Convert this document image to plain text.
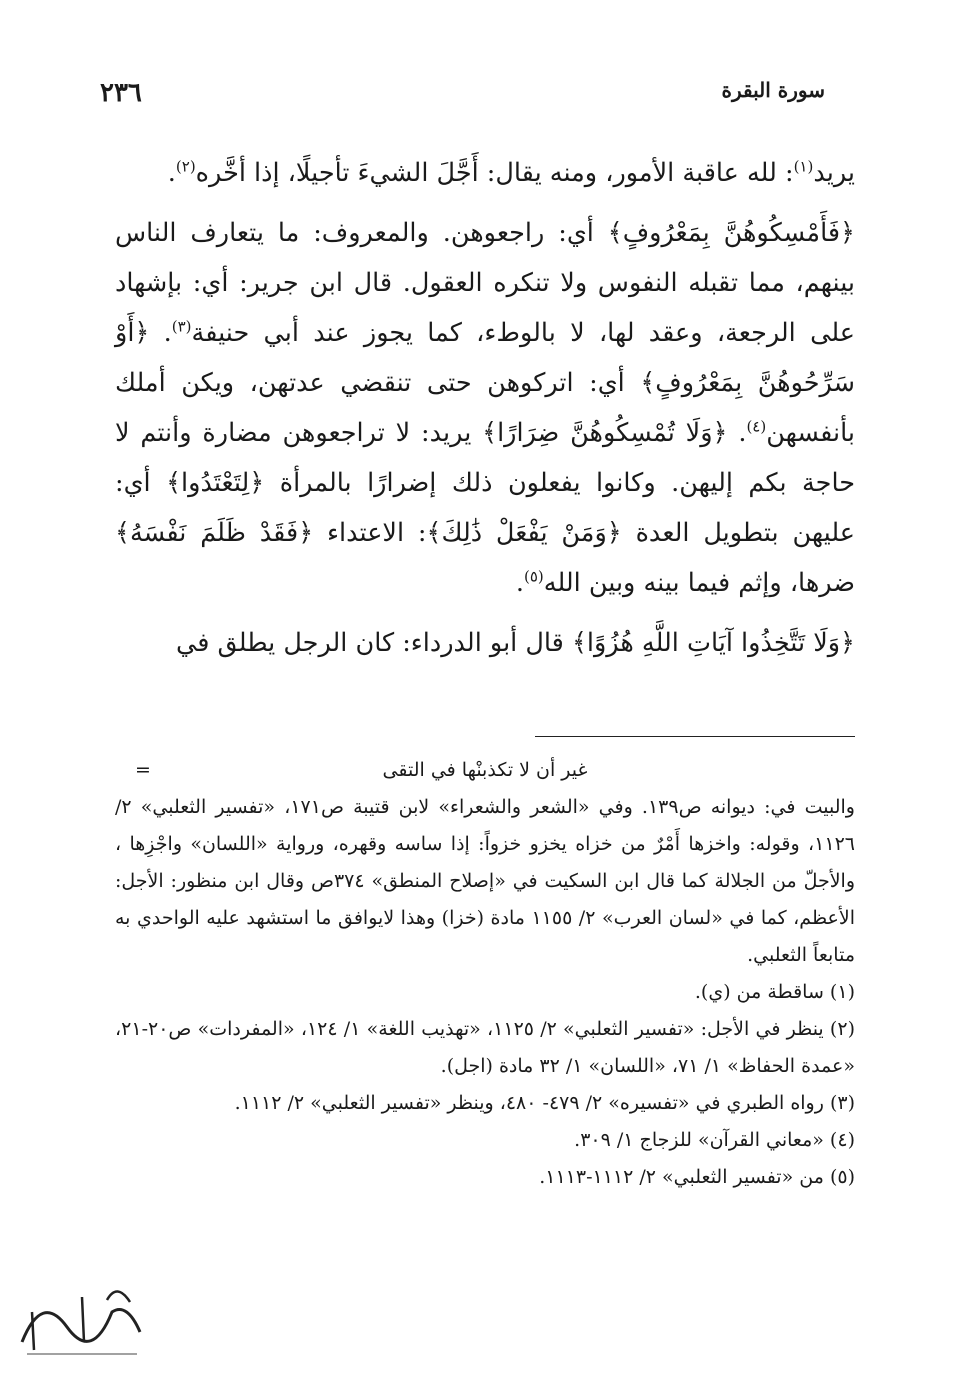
٢٣٦	سورة البقرة

يريد$^{(١)}$: لله عاقبة الأمور، ومنه يقال: أَجَّلَ الشيءَ تأجيلًا، إذا أخَّره$^{(٢)}$.

﴿فَأَمْسِكُوهُنَّ بِمَعْرُوفٍ﴾ أي: راجعوهن. والمعروف: ما يتعارف الناس بينهم، مما تقبله النفوس ولا تنكره العقول. قال ابن جرير: أي: بإشهاد على الرجعة، وعقد لها، لا بالوطء، كما يجوز عند أبي حنيفة$^{(٣)}$. ﴿أَوْ سَرِّحُوهُنَّ بِمَعْرُوفٍ﴾ أي: اتركوهن حتى تنقضي عدتهن، ويكن أملك بأنفسهن$^{(٤)}$. ﴿وَلَا تُمْسِكُوهُنَّ ضِرَارًا﴾ يريد: لا تراجعوهن مضارة وأنتم لا حاجة بكم إليهن. وكانوا يفعلون ذلك إضرارًا بالمرأة ﴿لِتَعْتَدُوا﴾ أي: عليهن بتطويل العدة ﴿وَمَنْ يَفْعَلْ ذَٰلِكَ﴾: الاعتداء ﴿فَقَدْ ظَلَمَ نَفْسَهُ﴾ ضرها، وإثم فيما بينه وبين الله$^{(٥)}$.

﴿وَلَا تَتَّخِذُوا آيَاتِ اللَّهِ هُزُوًا﴾ قال أبو الدرداء: كان الرجل يطلق في

غير أن لا تكذبنْها في التقى
=

والبيت في: ديوانه ص١٣٩. وفي «الشعر والشعراء» لابن قتيبة ص١٧١، «تفسير الثعلبي» ٢/ ١١٢٦، وقوله: واخزها أَمْرٌ من خزاه يخزو خزواً: إذا ساسه وقهره، ورواية «اللسان» واجْزِها ، والأجلّ من الجلالة كما قال ابن السكيت في «إصلاح المنطق» ٣٧٤ص وقال ابن منظور: الأجل: الأعظم، كما في «لسان العرب» ٢/ ١١٥٥ مادة (خزا) وهذا لايوافق ما استشهد عليه الواحدي به متابعاً الثعلبي.

(١) ساقطة من (ي).

(٢) ينظر في الأجل: «تفسير الثعلبي» ٢/ ١١٢٥، «تهذيب اللغة» ١/ ١٢٤، «المفردات» ص٢٠-٢١، «عمدة الحفاظ» ١/ ٧١، «اللسان» ١/ ٣٢ مادة (اجل).

(٣) رواه الطبري في «تفسيره» ٢/ ٤٧٩- ٤٨٠، وينظر «تفسير الثعلبي» ٢/ ١١١٢.

(٤) «معاني القرآن» للزجاج ١/ ٣٠٩.

(٥) من «تفسير الثعلبي» ٢/ ١١١٢-١١١٣.
